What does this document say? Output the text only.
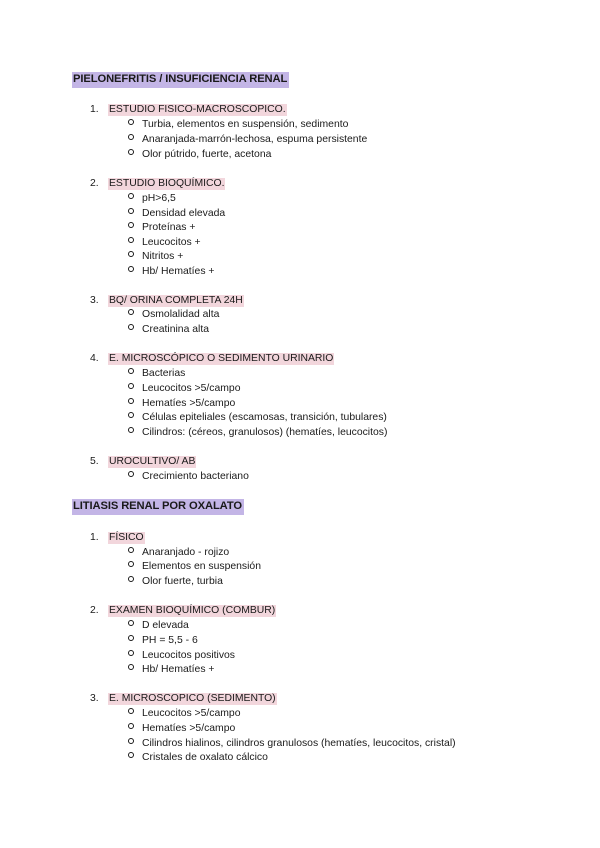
PIELONEFRITIS / INSUFICIENCIA RENAL
1. ESTUDIO FISICO-MACROSCOPICO.
Turbia, elementos en suspensión, sedimento
Anaranjada-marrón-lechosa, espuma persistente
Olor pútrido, fuerte, acetona
2. ESTUDIO BIOQUÍMICO.
pH>6,5
Densidad elevada
Proteínas +
Leucocitos +
Nitritos +
Hb/ Hematíes +
3. BQ/ ORINA COMPLETA 24H
Osmolalidad alta
Creatinina alta
4. E. MICROSCÓPICO O SEDIMENTO URINARIO
Bacterias
Leucocitos >5/campo
Hematíes >5/campo
Células epiteliales (escamosas, transición, tubulares)
Cilindros: (céreos, granulosos) (hematíes, leucocitos)
5. UROCULTIVO/ AB
Crecimiento bacteriano
LITIASIS RENAL POR OXALATO
1. FÍSICO
Anaranjado - rojizo
Elementos en suspensión
Olor fuerte, turbia
2. EXAMEN BIOQUÍMICO (COMBUR)
D elevada
PH = 5,5 - 6
Leucocitos positivos
Hb/ Hematíes +
3. E. MICROSCOPICO (SEDIMENTO)
Leucocitos >5/campo
Hematíes >5/campo
Cilindros hialinos, cilindros granulosos (hematíes, leucocitos, cristal)
Cristales de oxalato cálcico
